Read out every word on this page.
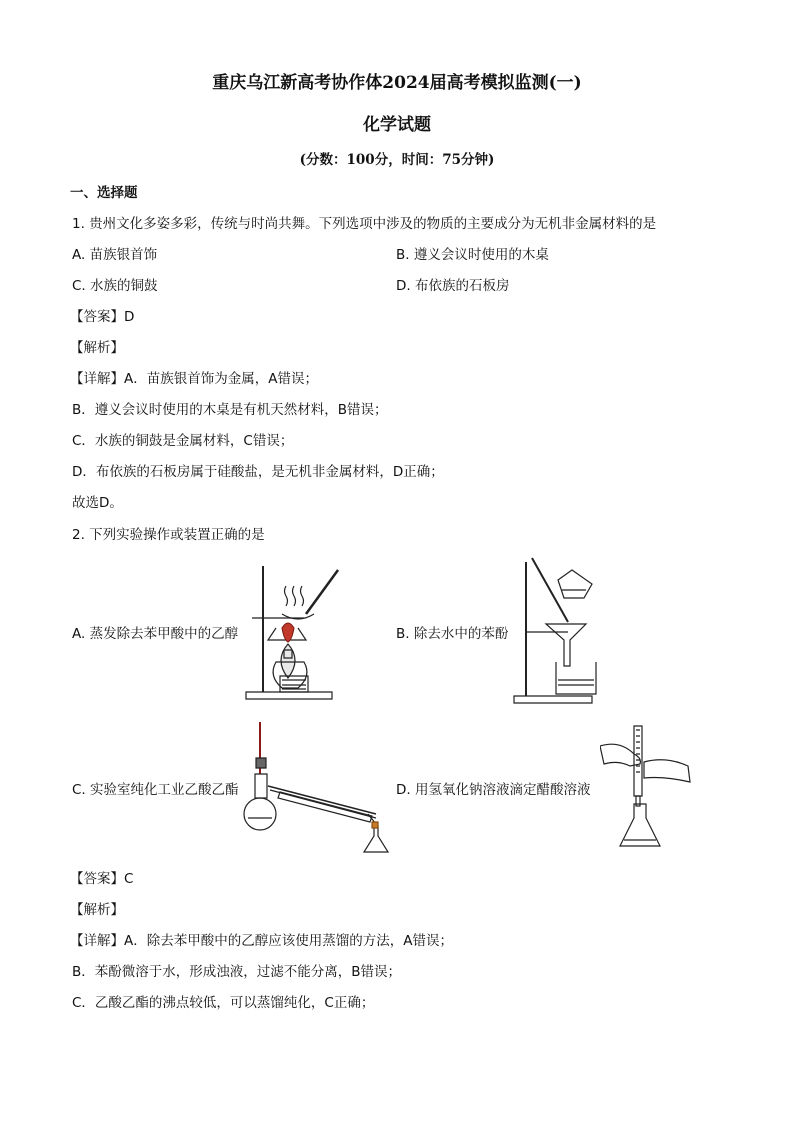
重庆乌江新高考协作体2024届高考模拟监测(一)
化学试题
(分数：100分，时间：75分钟)
一、选择题
1. 贵州文化多姿多彩，传统与时尚共舞。下列选项中涉及的物质的主要成分为无机非金属材料的是
A. 苗族银首饰	B. 遵义会议时使用的木桌
C. 水族的铜鼓	D. 布依族的石板房
【答案】D
【解析】
【详解】A．苗族银首饰为金属，A错误；
B．遵义会议时使用的木桌是有机天然材料，B错误；
C．水族的铜鼓是金属材料，C错误；
D．布依族的石板房属于硅酸盐，是无机非金属材料，D正确；
故选D。
2. 下列实验操作或装置正确的是
A. 蒸发除去苯甲酸中的乙醇	B. 除去水中的苯酚
C. 实验室纯化工业乙酸乙酯	D. 用氢氧化钠溶液滴定醋酸溶液
【答案】C
【解析】
【详解】A．除去苯甲酸中的乙醇应该使用蒸馏的方法，A错误；
B．苯酚微溶于水，形成浊液，过滤不能分离，B错误；
C．乙酸乙酯的沸点较低，可以蒸馏纯化，C正确；
